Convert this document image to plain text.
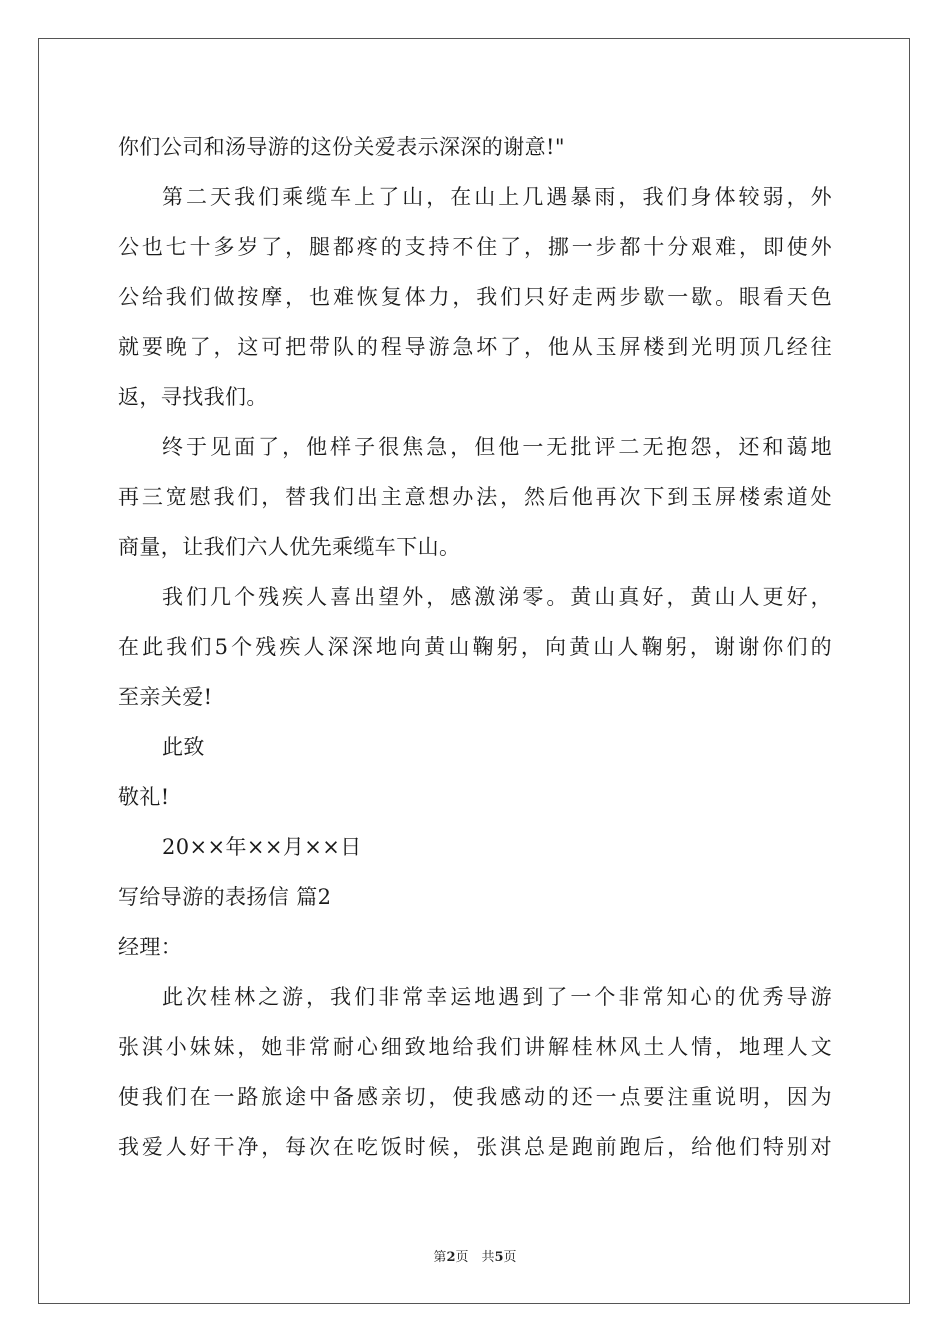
你们公司和汤导游的这份关爱表示深深的谢意!"
第二天我们乘缆车上了山，在山上几遇暴雨，我们身体较弱，外
公也七十多岁了，腿都疼的支持不住了，挪一步都十分艰难，即使外
公给我们做按摩，也难恢复体力，我们只好走两步歇一歇。眼看天色
就要晚了，这可把带队的程导游急坏了，他从玉屏楼到光明顶几经往
返，寻找我们。
终于见面了，他样子很焦急，但他一无批评二无抱怨，还和蔼地
再三宽慰我们，替我们出主意想办法，然后他再次下到玉屏楼索道处
商量，让我们六人优先乘缆车下山。
我们几个残疾人喜出望外，感激涕零。黄山真好，黄山人更好，
在此我们5个残疾人深深地向黄山鞠躬，向黄山人鞠躬，谢谢你们的
至亲关爱!
此致
敬礼!
20××年××月××日
写给导游的表扬信 篇2
经理：
此次桂林之游，我们非常幸运地遇到了一个非常知心的优秀导游
张淇小妹妹，她非常耐心细致地给我们讲解桂林风土人情，地理人文
使我们在一路旅途中备感亲切，使我感动的还一点要注重说明，因为
我爱人好干净，每次在吃饭时候，张淇总是跑前跑后，给他们特别对
第2页　共5页
